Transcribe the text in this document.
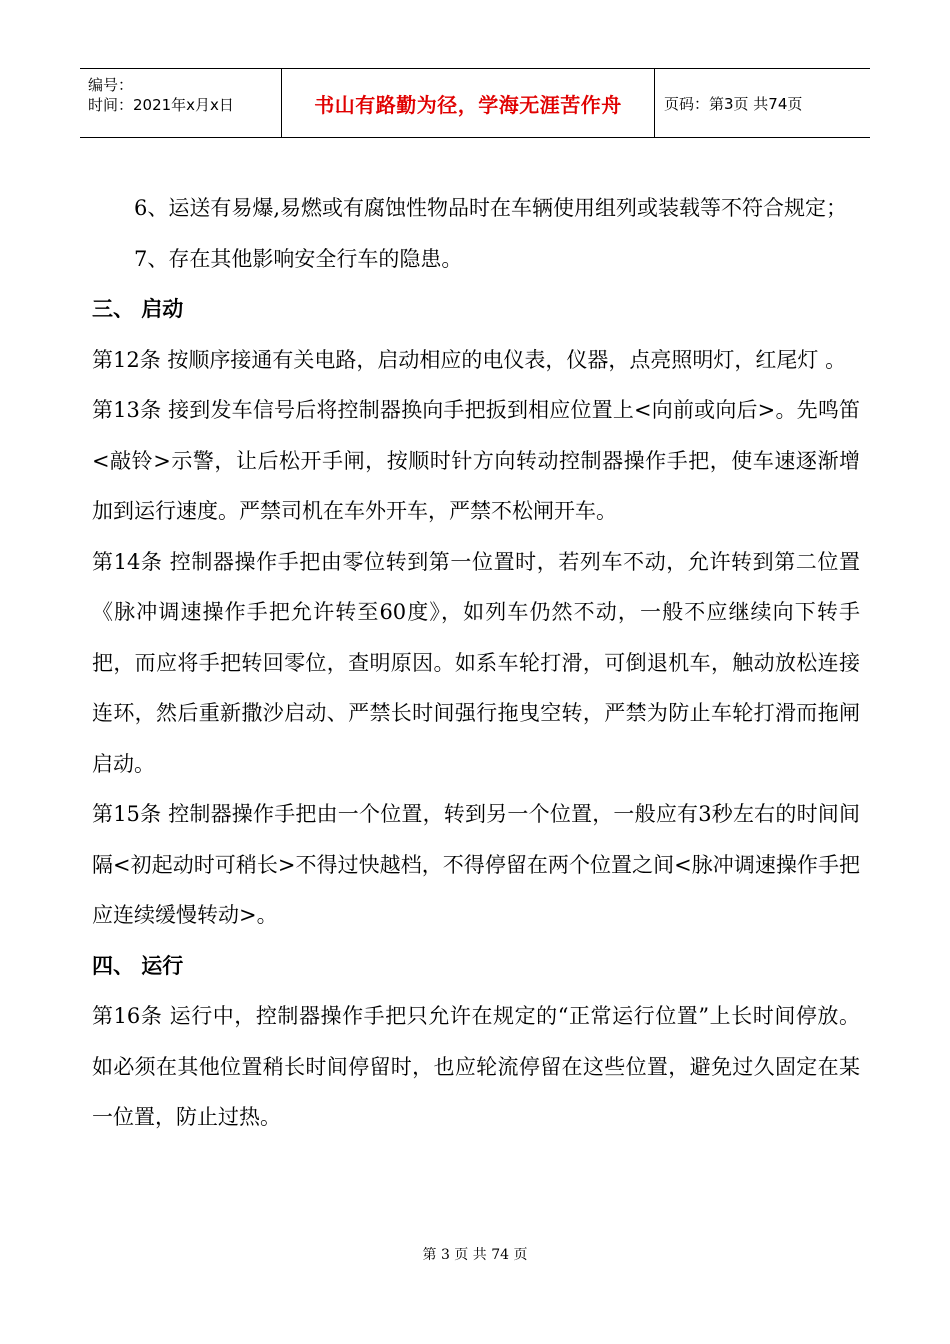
编号：
时间：2021年x月x日	书山有路勤为径，学海无涯苦作舟	页码：第3页 共74页

6、运送有易爆,易燃或有腐蚀性物品时在车辆使用组列或装载等不符合规定；

7、存在其他影响安全行车的隐患。

三、 启动

第12条 按顺序接通有关电路，启动相应的电仪表，仪器，点亮照明灯，红尾灯 。

第13条 接到发车信号后将控制器换向手把扳到相应位置上<向前或向后>。先鸣笛<敲铃>示警，让后松开手闸，按顺时针方向转动控制器操作手把，使车速逐渐增加到运行速度。严禁司机在车外开车，严禁不松闸开车。

第14条 控制器操作手把由零位转到第一位置时，若列车不动，允许转到第二位置《脉冲调速操作手把允许转至60度》，如列车仍然不动，一般不应继续向下转手把，而应将手把转回零位，查明原因。如系车轮打滑，可倒退机车，触动放松连接连环，然后重新撒沙启动、严禁长时间强行拖曳空转，严禁为防止车轮打滑而拖闸启动。

第15条 控制器操作手把由一个位置，转到另一个位置，一般应有3秒左右的时间间隔<初起动时可稍长>不得过快越档，不得停留在两个位置之间<脉冲调速操作手把应连续缓慢转动>。

四、 运行

第16条 运行中，控制器操作手把只允许在规定的“正常运行位置”上长时间停放。如必须在其他位置稍长时间停留时，也应轮流停留在这些位置，避免过久固定在某一位置，防止过热。

第 3 页 共 74 页
